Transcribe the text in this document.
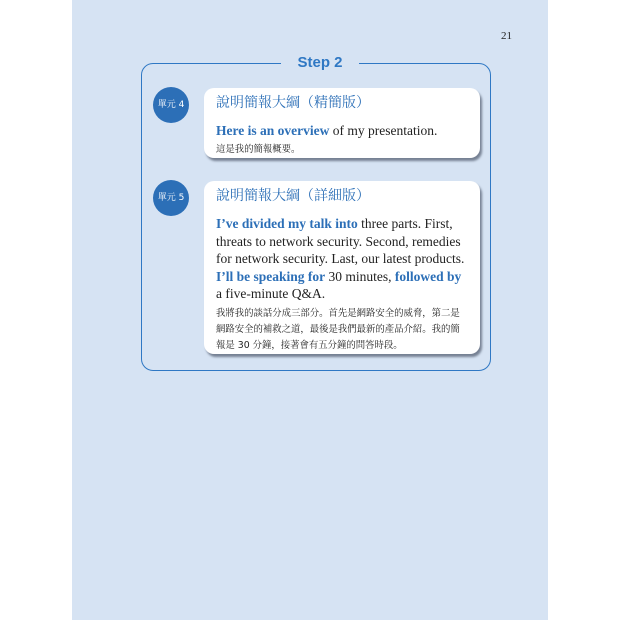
21
Step 2
單元 4	說明簡報大綱（精簡版）

Here is an overview of my presentation.

這是我的簡報概要。

單元 5	說明簡報大綱（詳細版）

I’ve divided my talk into three parts. First, threats to network security. Second, remedies for network security. Last, our latest products. I’ll be speaking for 30 minutes, followed by a five-minute Q&A.

我將我的談話分成三部分。首先是網路安全的威脅，第二是網路安全的補救之道，最後是我們最新的產品介紹。我的簡報是 30 分鐘，接著會有五分鐘的問答時段。
